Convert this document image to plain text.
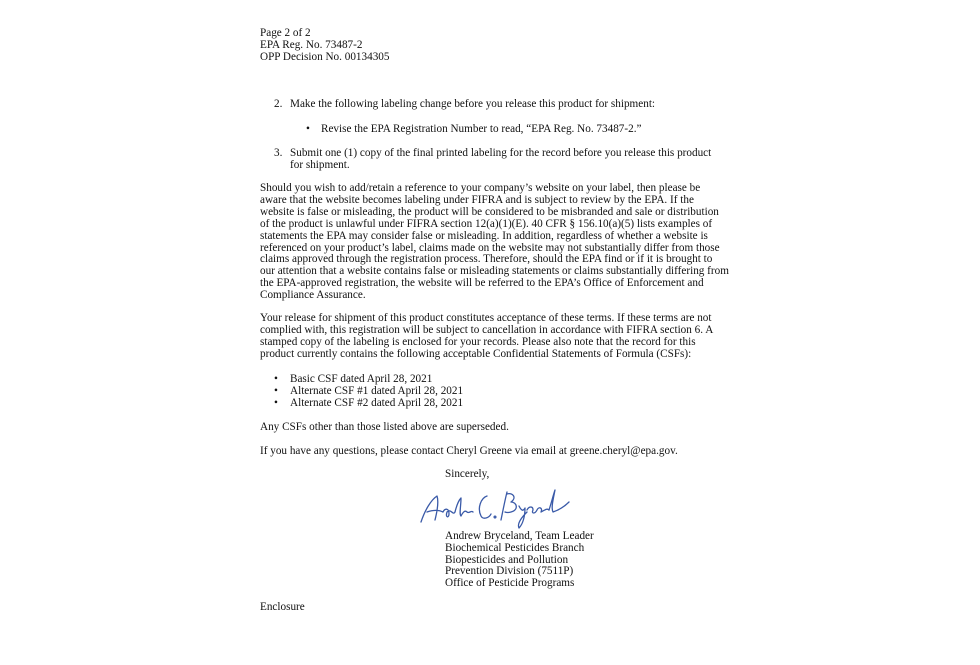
Page 2 of 2

EPA Reg. No. 73487-2

OPP Decision No. 00134305

2. Make the following labeling change before you release this product for shipment:

• Revise the EPA Registration Number to read, “EPA Reg. No. 73487-2.”

3. Submit one (1) copy of the final printed labeling for the record before you release this product

for shipment.

Should you wish to add/retain a reference to your company’s website on your label, then please be

aware that the website becomes labeling under FIFRA and is subject to review by the EPA. If the

website is false or misleading, the product will be considered to be misbranded and sale or distribution

of the product is unlawful under FIFRA section 12(a)(1)(E). 40 CFR § 156.10(a)(5) lists examples of

statements the EPA may consider false or misleading. In addition, regardless of whether a website is

referenced on your product’s label, claims made on the website may not substantially differ from those

claims approved through the registration process. Therefore, should the EPA find or if it is brought to

our attention that a website contains false or misleading statements or claims substantially differing from

the EPA-approved registration, the website will be referred to the EPA’s Office of Enforcement and

Compliance Assurance.

Your release for shipment of this product constitutes acceptance of these terms. If these terms are not

complied with, this registration will be subject to cancellation in accordance with FIFRA section 6. A

stamped copy of the labeling is enclosed for your records. Please also note that the record for this

product currently contains the following acceptable Confidential Statements of Formula (CSFs):

• Basic CSF dated April 28, 2021

• Alternate CSF #1 dated April 28, 2021

• Alternate CSF #2 dated April 28, 2021

Any CSFs other than those listed above are superseded.

If you have any questions, please contact Cheryl Greene via email at greene.cheryl@epa.gov.

Sincerely,

Andrew Bryceland, Team Leader

Biochemical Pesticides Branch

Biopesticides and Pollution

Prevention Division (7511P)

Office of Pesticide Programs

Enclosure
